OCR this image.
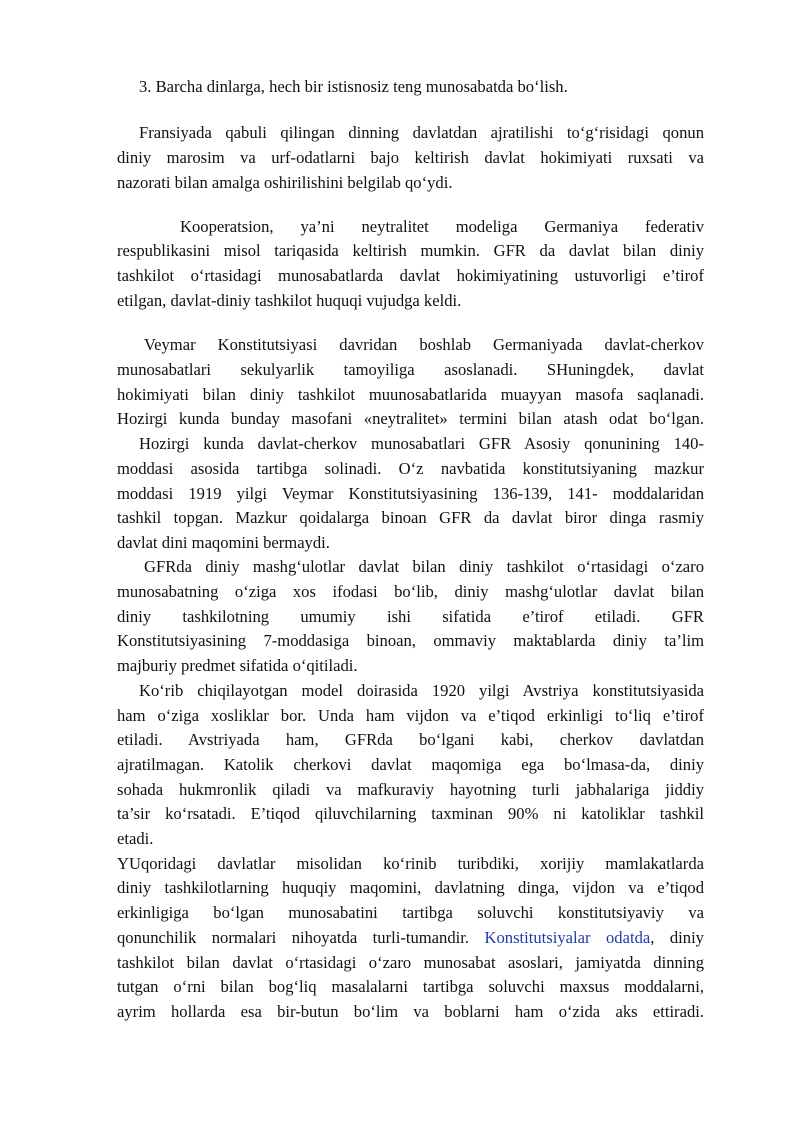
3. Barcha dinlarga, hech bir istisnosiz teng munosabatda bo‘lish.
Fransiyada qabuli qilingan dinning davlatdan ajratilishi to‘g‘risidagi qonun
diniy marosim va urf-odatlarni bajo keltirish davlat hokimiyati ruxsati va
nazorati bilan amalga oshirilishini belgilab qo‘ydi.
Kooperatsion, ya’ni neytralitet modeliga Germaniya federativ
respublikasini misol tariqasida keltirish mumkin. GFR da davlat bilan diniy
tashkilot o‘rtasidagi munosabatlarda davlat hokimiyatining ustuvorligi e’tirof
etilgan, davlat-diniy tashkilot huquqi vujudga keldi.
Veymar Konstitutsiyasi davridan boshlab Germaniyada davlat-cherkov
munosabatlari sekulyarlik tamoyiliga asoslanadi. SHuningdek, davlat
hokimiyati bilan diniy tashkilot muunosabatlarida muayyan masofa saqlanadi.
Hozirgi kunda bunday masofani «neytralitet» termini bilan atash odat bo‘lgan.
Hozirgi kunda davlat-cherkov munosabatlari GFR Asosiy qonunining 140-
moddasi asosida tartibga solinadi. O‘z navbatida konstitutsiyaning mazkur
moddasi 1919 yilgi Veymar Konstitutsiyasining 136-139, 141- moddalaridan
tashkil topgan. Mazkur qoidalarga binoan GFR da davlat biror dinga rasmiy
davlat dini maqomini bermaydi.
GFRda diniy mashg‘ulotlar davlat bilan diniy tashkilot o‘rtasidagi o‘zaro
munosabatning o‘ziga xos ifodasi bo‘lib, diniy mashg‘ulotlar davlat bilan
diniy tashkilotning umumiy ishi sifatida e’tirof etiladi. GFR
Konstitutsiyasining 7-moddasiga binoan, ommaviy maktablarda diniy ta’lim
majburiy predmet sifatida o‘qitiladi.
Ko‘rib chiqilayotgan model doirasida 1920 yilgi Avstriya konstitutsiyasida
ham o‘ziga xosliklar bor. Unda ham vijdon va e’tiqod erkinligi to‘liq e’tirof
etiladi. Avstriyada ham, GFRda bo‘lgani kabi, cherkov davlatdan
ajratilmagan. Katolik cherkovi davlat maqomiga ega bo‘lmasa-da, diniy
sohada hukmronlik qiladi va mafkuraviy hayotning turli jabhalariga jiddiy
ta’sir ko‘rsatadi. E’tiqod qiluvchilarning taxminan 90% ni katoliklar tashkil
etadi.
YUqoridagi davlatlar misolidan ko‘rinib turibdiki, xorijiy mamlakatlarda
diniy tashkilotlarning huquqiy maqomini, davlatning dinga, vijdon va e’tiqod
erkinligiga bo‘lgan munosabatini tartibga soluvchi konstitutsiyaviy va
qonunchilik normalari nihoyatda turli-tumandir. Konstitutsiyalar odatda, diniy
tashkilot bilan davlat o‘rtasidagi o‘zaro munosabat asoslari, jamiyatda dinning
tutgan o‘rni bilan bog‘liq masalalarni tartibga soluvchi maxsus moddalarni,
ayrim hollarda esa bir-butun bo‘lim va boblarni ham o‘zida aks ettiradi.
